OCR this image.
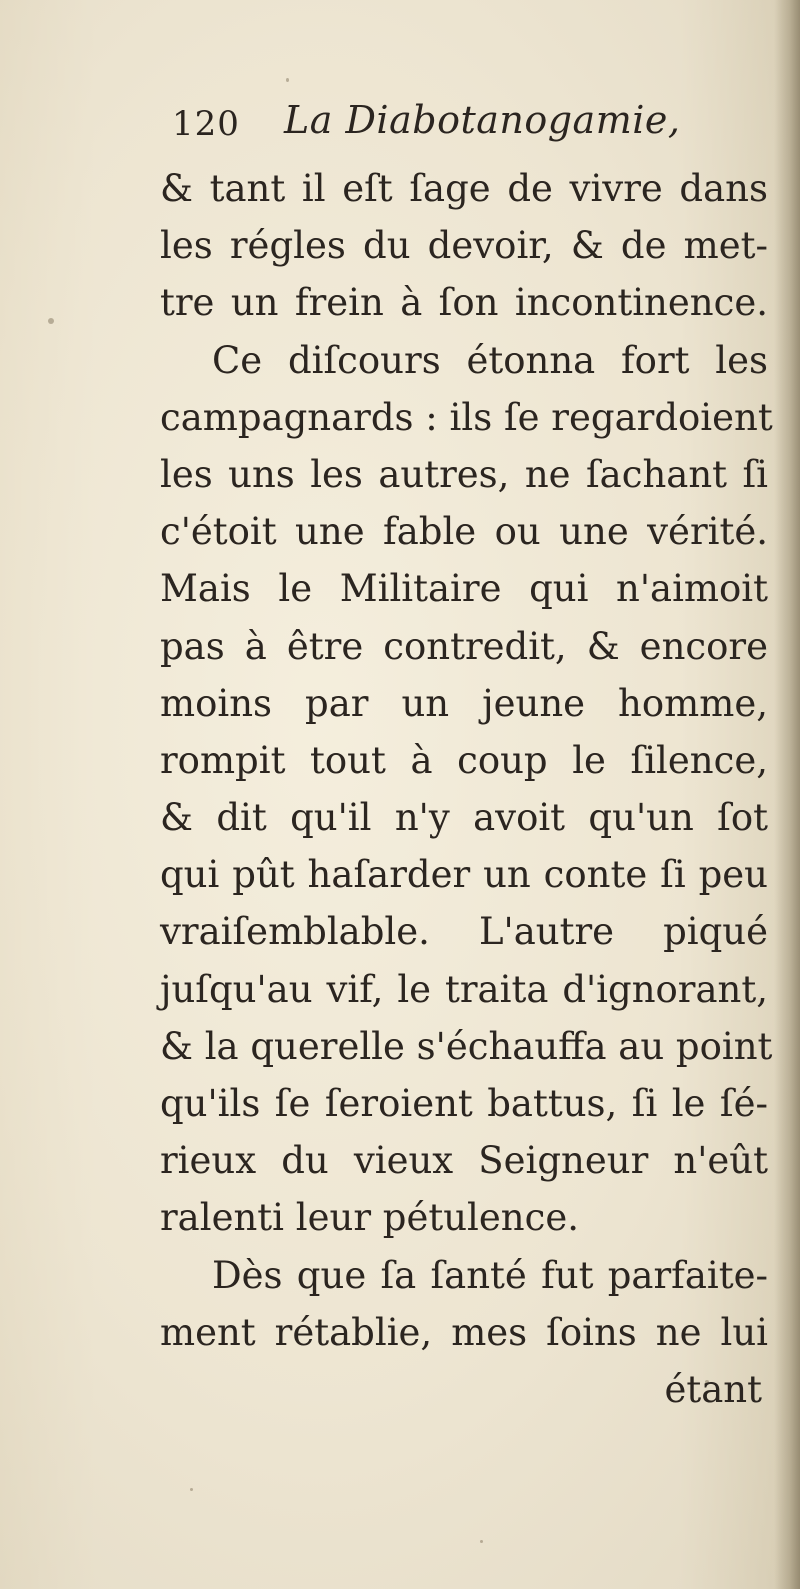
120 La Diabotanogamie,
& tant il eſt ſage de vivre dans
les régles du devoir, & de met-
tre un frein à ſon incontinence.
Ce diſcours étonna fort les
campagnards : ils ſe regardoient
les uns les autres, ne ſachant ſi
c'étoit une fable ou une vérité.
Mais le Militaire qui n'aimoit
pas à être contredit, & encore
moins par un jeune homme,
rompit tout à coup le ſilence,
& dit qu'il n'y avoit qu'un ſot
qui pût haſarder un conte ſi peu
vraiſemblable. L'autre piqué
juſqu'au vif, le traita d'ignorant,
& la querelle s'échauffa au point
qu'ils ſe ſeroient battus, ſi le ſé-
rieux du vieux Seigneur n'eût
ralenti leur pétulence.
Dès que ſa ſanté fut parfaite-
ment rétablie, mes ſoins ne lui
étant
